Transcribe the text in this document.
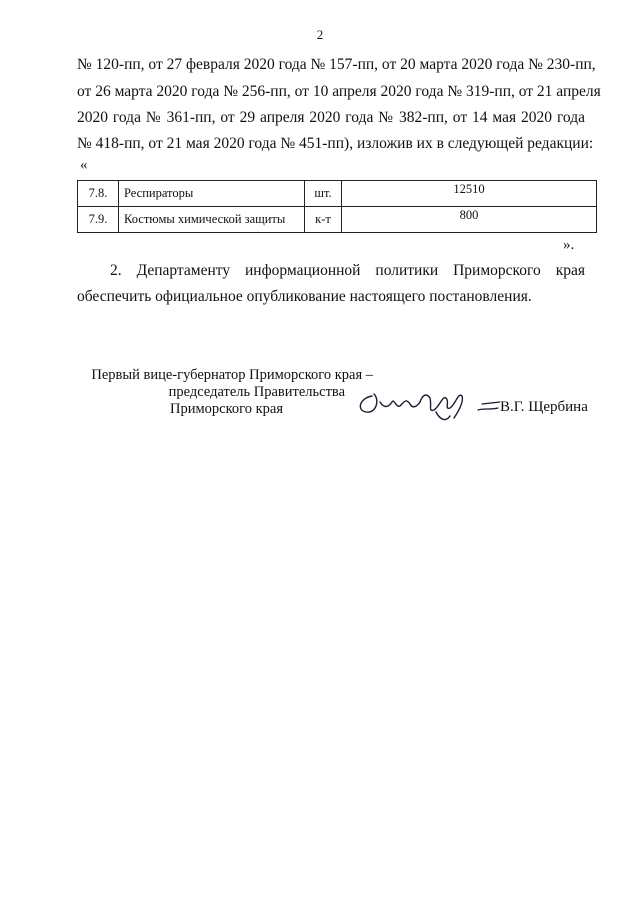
2
№ 120-пп, от 27 февраля 2020 года № 157-пп, от 20 марта 2020 года № 230-пп,
от 26 марта 2020 года № 256-пп, от 10 апреля 2020 года № 319-пп, от 21 апреля
2020 года № 361-пп, от 29 апреля 2020 года № 382-пп, от 14 мая 2020 года
№ 418-пп, от 21 мая 2020 года № 451-пп), изложив их в следующей редакции:
«
7.8.	Респираторы	шт.	12510
7.9.	Костюмы химической защиты	к-т	800
».
2. Департаменту информационной политики Приморского края
обеспечить официальное опубликование настоящего постановления.
Первый вице-губернатор Приморского края –
председатель Правительства
Приморского края	В.Г. Щербина
